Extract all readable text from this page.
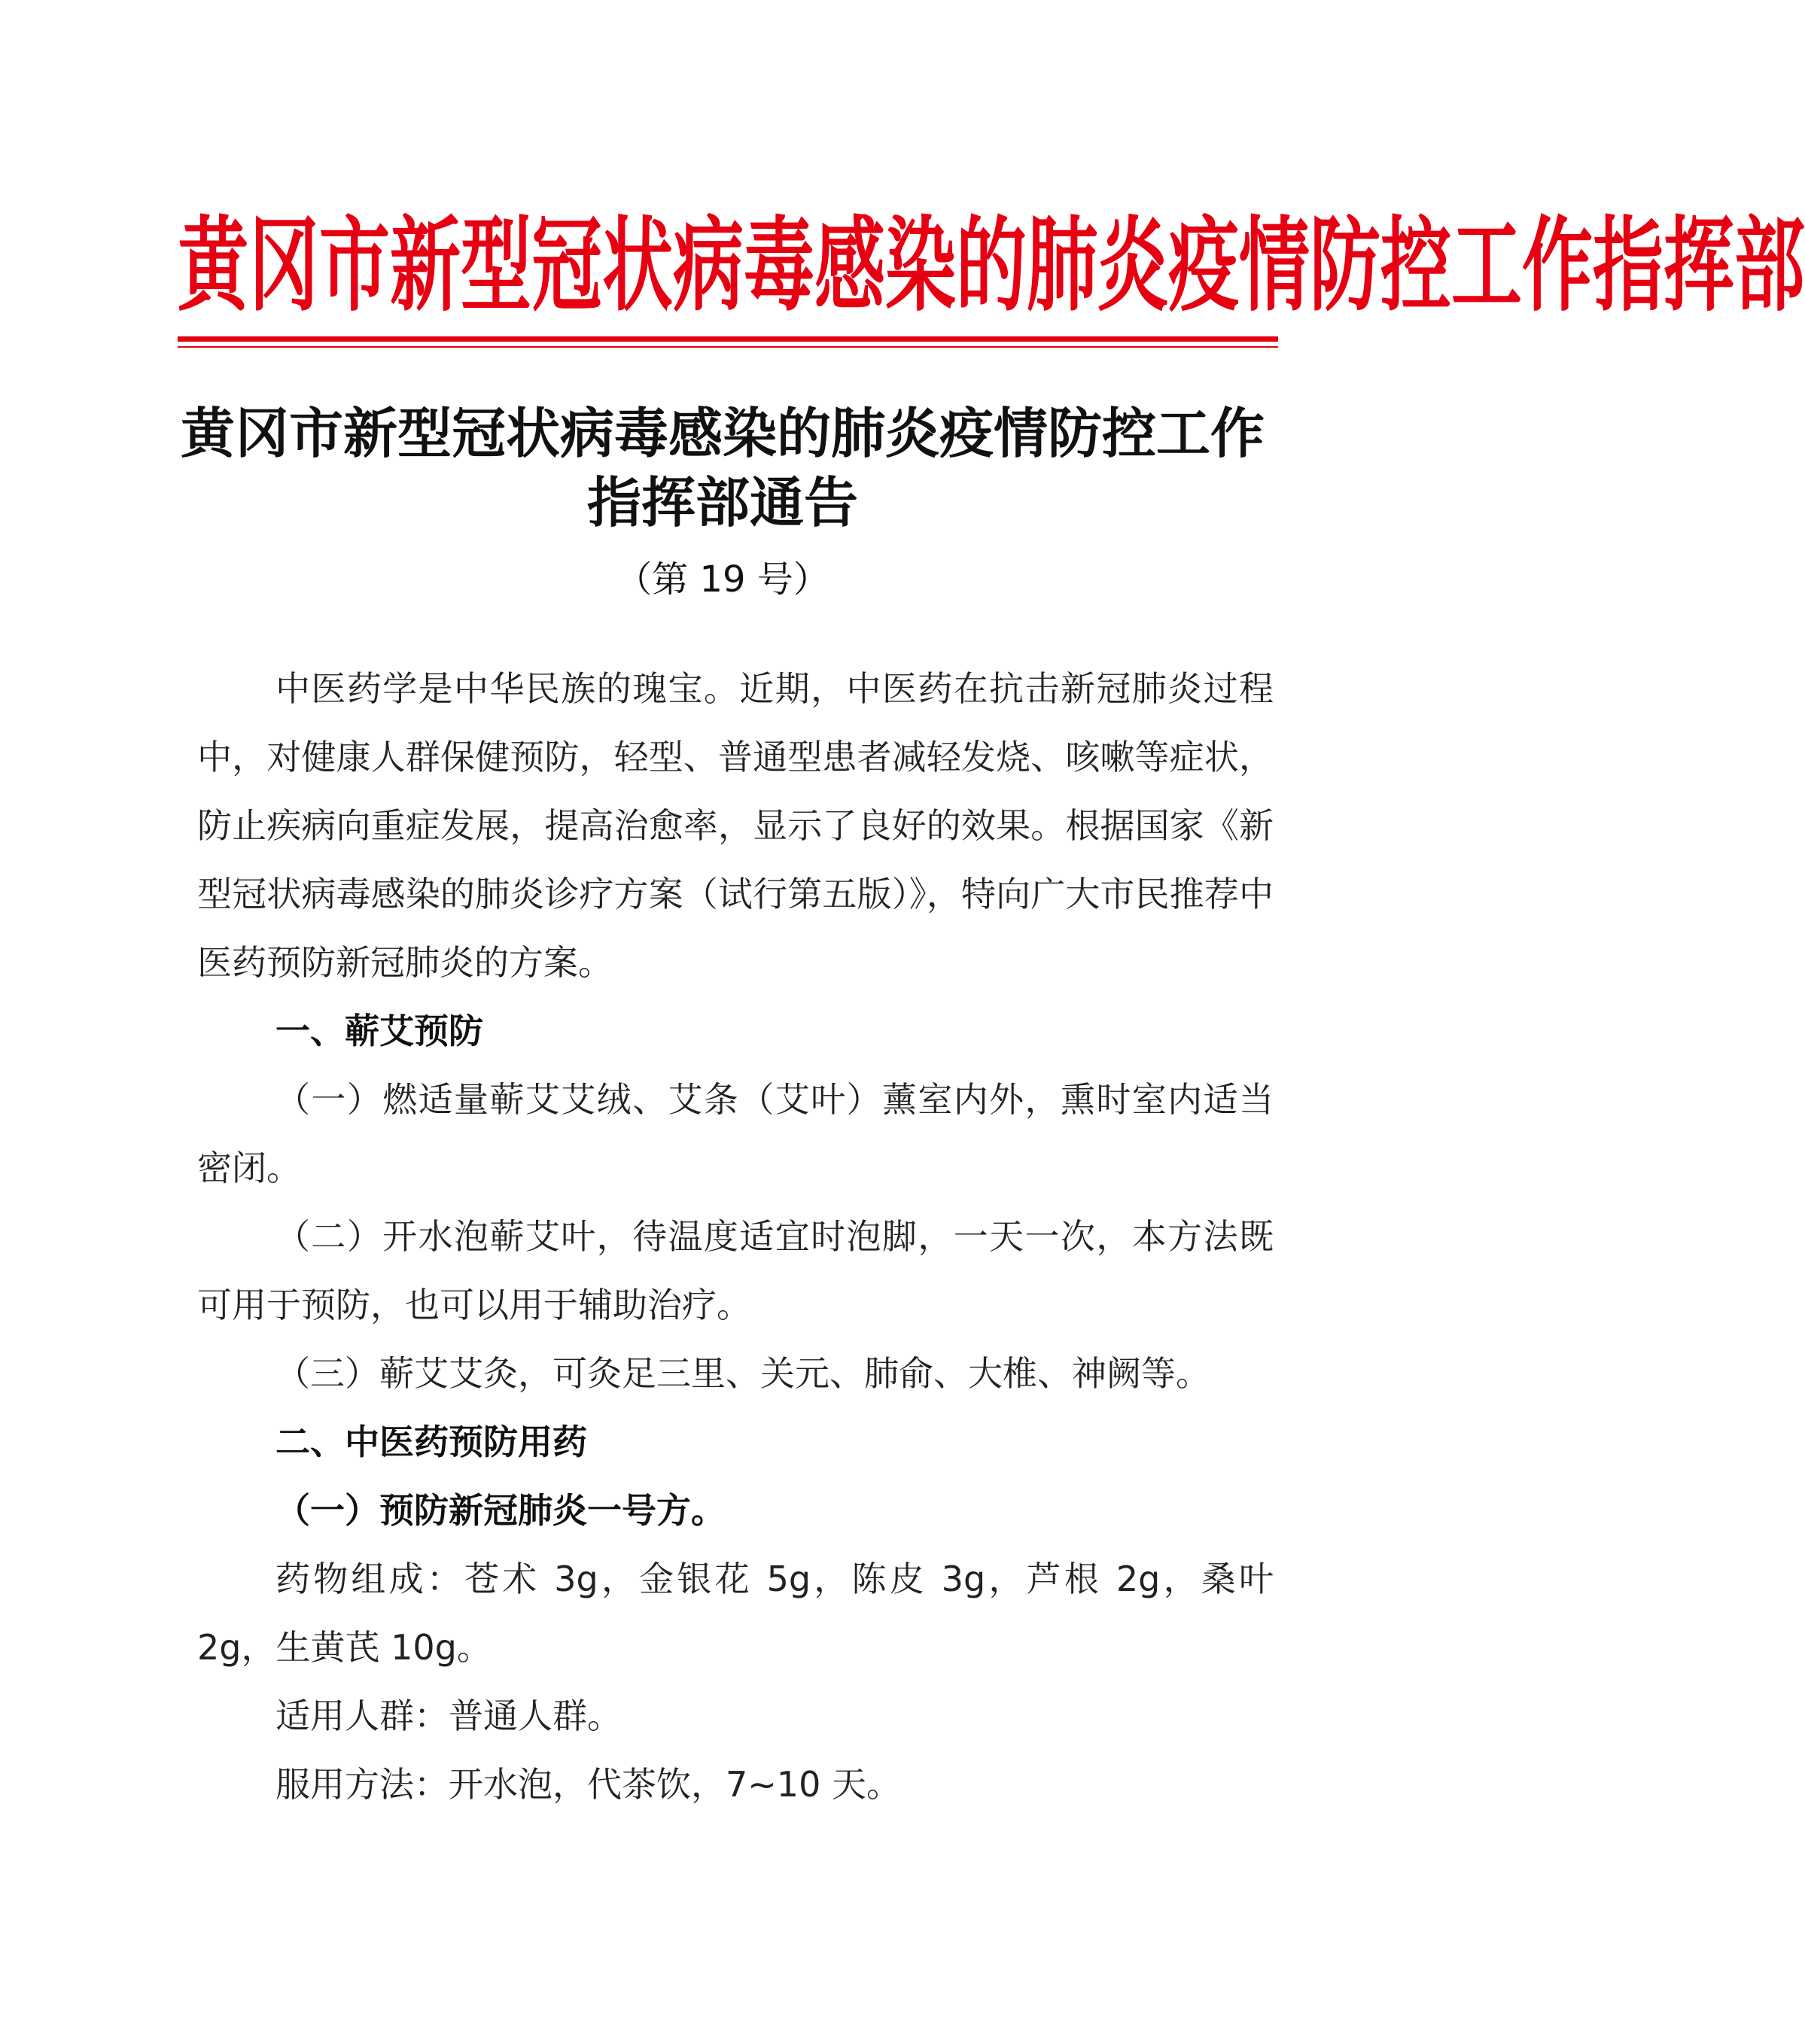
黄冈市新型冠状病毒感染的肺炎疫情防控工作指挥部
黄冈市新型冠状病毒感染的肺炎疫情防控工作
指挥部通告
（第 19 号）

中医药学是中华民族的瑰宝。近期，中医药在抗击新冠肺炎过程中，对健康人群保健预防，轻型、普通型患者减轻发烧、咳嗽等症状，防止疾病向重症发展，提高治愈率，显示了良好的效果。根据国家《新型冠状病毒感染的肺炎诊疗方案（试行第五版）》，特向广大市民推荐中医药预防新冠肺炎的方案。

一、蕲艾预防

（一）燃适量蕲艾艾绒、艾条（艾叶）薰室内外，熏时室内适当密闭。

（二）开水泡蕲艾叶，待温度适宜时泡脚，一天一次，本方法既可用于预防，也可以用于辅助治疗。

（三）蕲艾艾灸，可灸足三里、关元、肺俞、大椎、神阙等。

二、中医药预防用药

（一）预防新冠肺炎一号方。

药物组成：苍术 3g，金银花 5g，陈皮 3g，芦根 2g，桑叶 2g，生黄芪 10g。

适用人群：普通人群。

服用方法：开水泡，代茶饮，7~10 天。
